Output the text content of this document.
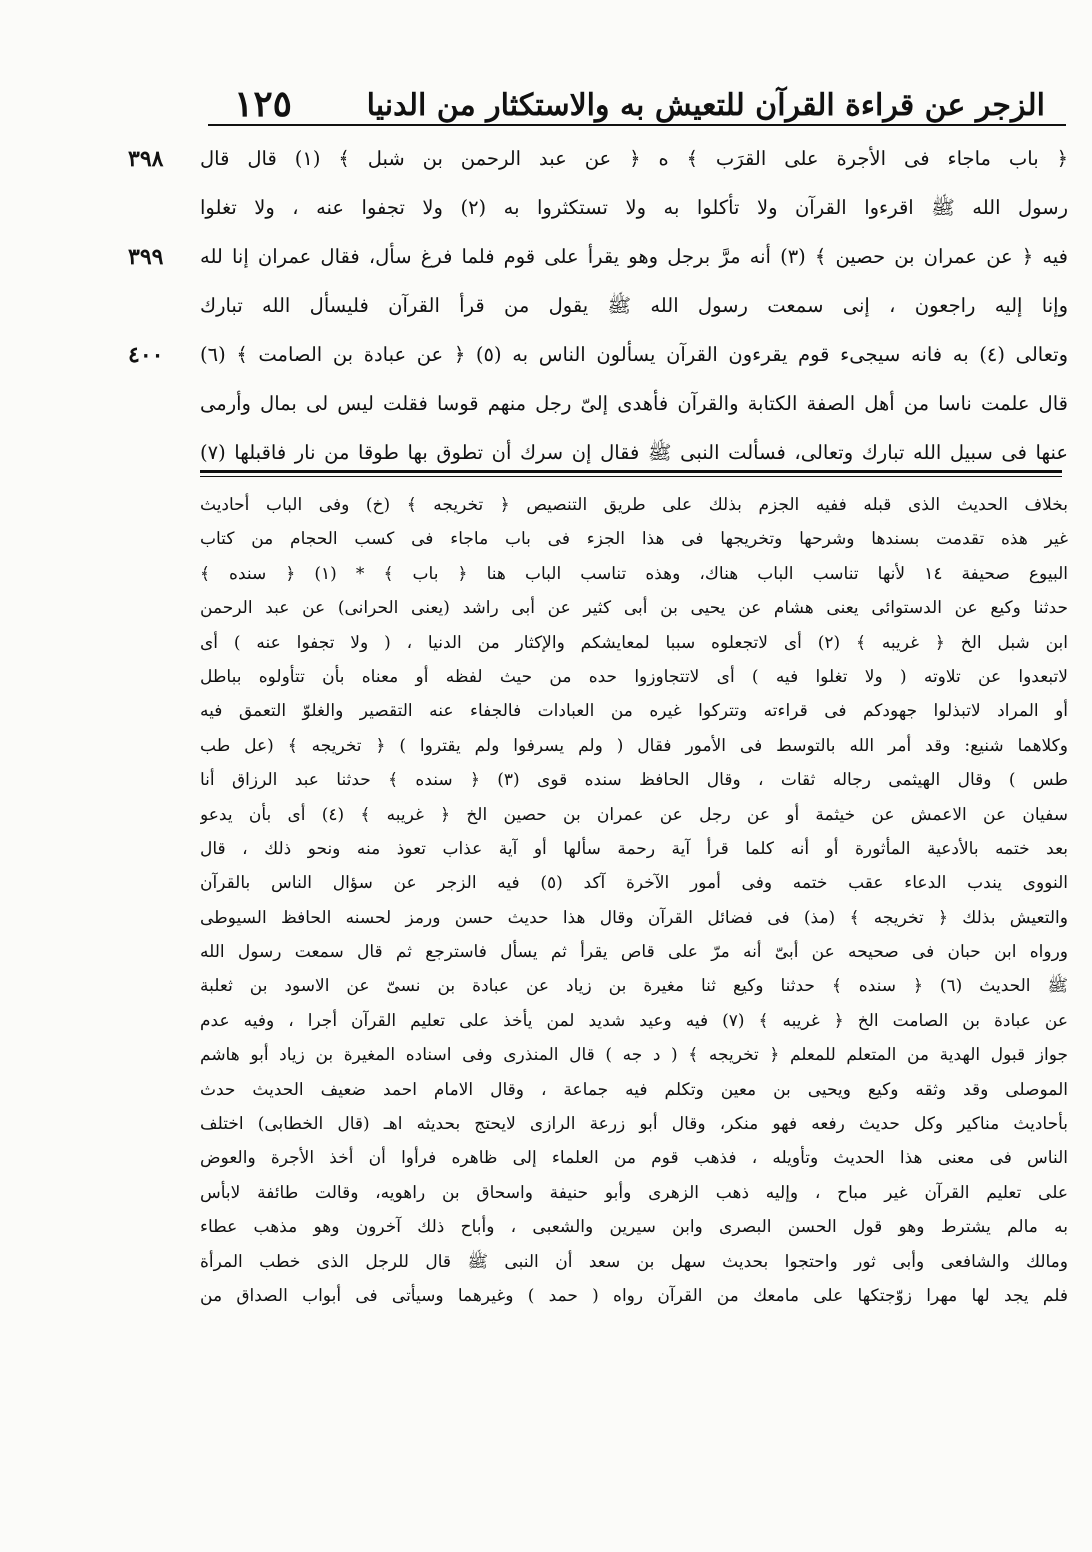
١٢٥ الزجر عن قراءة القرآن للتعيش به والاستكثار من الدنيا
٣٩٨
٣٩٩
٤٠٠
﴿ باب ماجاء فى الأجرة على القرَب ﴾ ه ﴿ عن عبد الرحمن بن شبل ﴾ (١) قال قال
رسول الله ﷺ اقرءوا القرآن ولا تأكلوا به ولا تستكثروا به (٢) ولا تجفوا عنه ، ولا تغلوا
فيه ﴿ عن عمران بن حصين ﴾ (٣) أنه مرَّ برجل وهو يقرأ على قوم فلما فرغ سأل، فقال عمران إنا لله
وإنا إليه راجعون ، إنى سمعت رسول الله ﷺ يقول من قرأ القرآن فليسأل الله تبارك
وتعالى (٤) به فانه سيجىء قوم يقرءون القرآن يسألون الناس به (٥) ﴿ عن عبادة بن الصامت ﴾ (٦)
قال علمت ناسا من أهل الصفة الكتابة والقرآن فأهدى إلىّ رجل منهم قوسا فقلت ليس لى بمال وأرمى
عنها فى سبيل الله تبارك وتعالى، فسألت النبى ﷺ فقال إن سرك أن تطوق بها طوقا من نار فاقبلها (٧)
بخلاف الحديث الذى قبله ففيه الجزم بذلك على طريق التنصيص ﴿ تخريجه ﴾ (خ) وفى الباب أحاديث
غير هذه تقدمت بسندها وشرحها وتخريجها فى هذا الجزء فى باب ماجاء فى كسب الحجام من كتاب
البيوع صحيفة ١٤ لأنها تناسب الباب هناك، وهذه تناسب الباب هنا ﴿ باب ﴾ * (١) ﴿ سنده ﴾
حدثنا وكيع عن الدستوائى يعنى هشام عن يحيى بن أبى كثير عن أبى راشد (يعنى الحرانى) عن عبد الرحمن
ابن شبل الخ ﴿ غريبه ﴾ (٢) أى لاتجعلوه سببا لمعايشكم والإكثار من الدنيا ، ( ولا تجفوا عنه ) أى
لاتبعدوا عن تلاوته ( ولا تغلوا فيه ) أى لاتتجاوزوا حده من حيث لفظه أو معناه بأن تتأولوه بباطل
أو المراد لاتبذلوا جهودكم فى قراءته وتتركوا غيره من العبادات فالجفاء عنه التقصير والغلوّ التعمق فيه
وكلاهما شنيع: وقد أمر الله بالتوسط فى الأمور فقال ( ولم يسرفوا ولم يقتروا ) ﴿ تخريجه ﴾ (عل طب
طس ) وقال الهيثمى رجاله ثقات ، وقال الحافظ سنده قوى (٣) ﴿ سنده ﴾ حدثنا عبد الرزاق أنا
سفيان عن الاعمش عن خيثمة أو عن رجل عن عمران بن حصين الخ ﴿ غريبه ﴾ (٤) أى بأن يدعو
بعد ختمه بالأدعية المأثورة أو أنه كلما قرأ آية رحمة سألها أو آية عذاب تعوذ منه ونحو ذلك ، قال
النووى يندب الدعاء عقب ختمه وفى أمور الآخرة آكد (٥) فيه الزجر عن سؤال الناس بالقرآن
والتعيش بذلك ﴿ تخريجه ﴾ (مذ) فى فضائل القرآن وقال هذا حديث حسن ورمز لحسنه الحافظ السيوطى
ورواه ابن حبان فى صحيحه عن أبىّ أنه مرّ على قاص يقرأ ثم يسأل فاسترجع ثم قال سمعت رسول الله
ﷺ الحديث (٦) ﴿ سنده ﴾ حدثنا وكيع ثنا مغيرة بن زياد عن عبادة بن نسىّ عن الاسود بن ثعلبة
عن عبادة بن الصامت الخ ﴿ غريبه ﴾ (٧) فيه وعيد شديد لمن يأخذ على تعليم القرآن أجرا ، وفيه عدم
جواز قبول الهدية من المتعلم للمعلم ﴿ تخريجه ﴾ ( د جه ) قال المنذرى وفى اسناده المغيرة بن زياد أبو هاشم
الموصلى وقد وثقه وكيع ويحيى بن معين وتكلم فيه جماعة ، وقال الامام احمد ضعيف الحديث حدث
بأحاديث مناكير وكل حديث رفعه فهو منكر، وقال أبو زرعة الرازى لايحتج بحديثه اهـ (قال الخطابى) اختلف
الناس فى معنى هذا الحديث وتأويله ، فذهب قوم من العلماء إلى ظاهره فرأوا أن أخذ الأجرة والعوض
على تعليم القرآن غير مباح ، وإليه ذهب الزهرى وأبو حنيفة واسحاق بن راهويه، وقالت طائفة لابأس
به مالم يشترط وهو قول الحسن البصرى وابن سيرين والشعبى ، وأباح ذلك آخرون وهو مذهب عطاء
ومالك والشافعى وأبى ثور واحتجوا بحديث سهل بن سعد أن النبى ﷺ قال للرجل الذى خطب المرأة
فلم يجد لها مهرا زوّجتكها على مامعك من القرآن رواه ( حمد ) وغيرهما وسيأتى فى أبواب الصداق من
